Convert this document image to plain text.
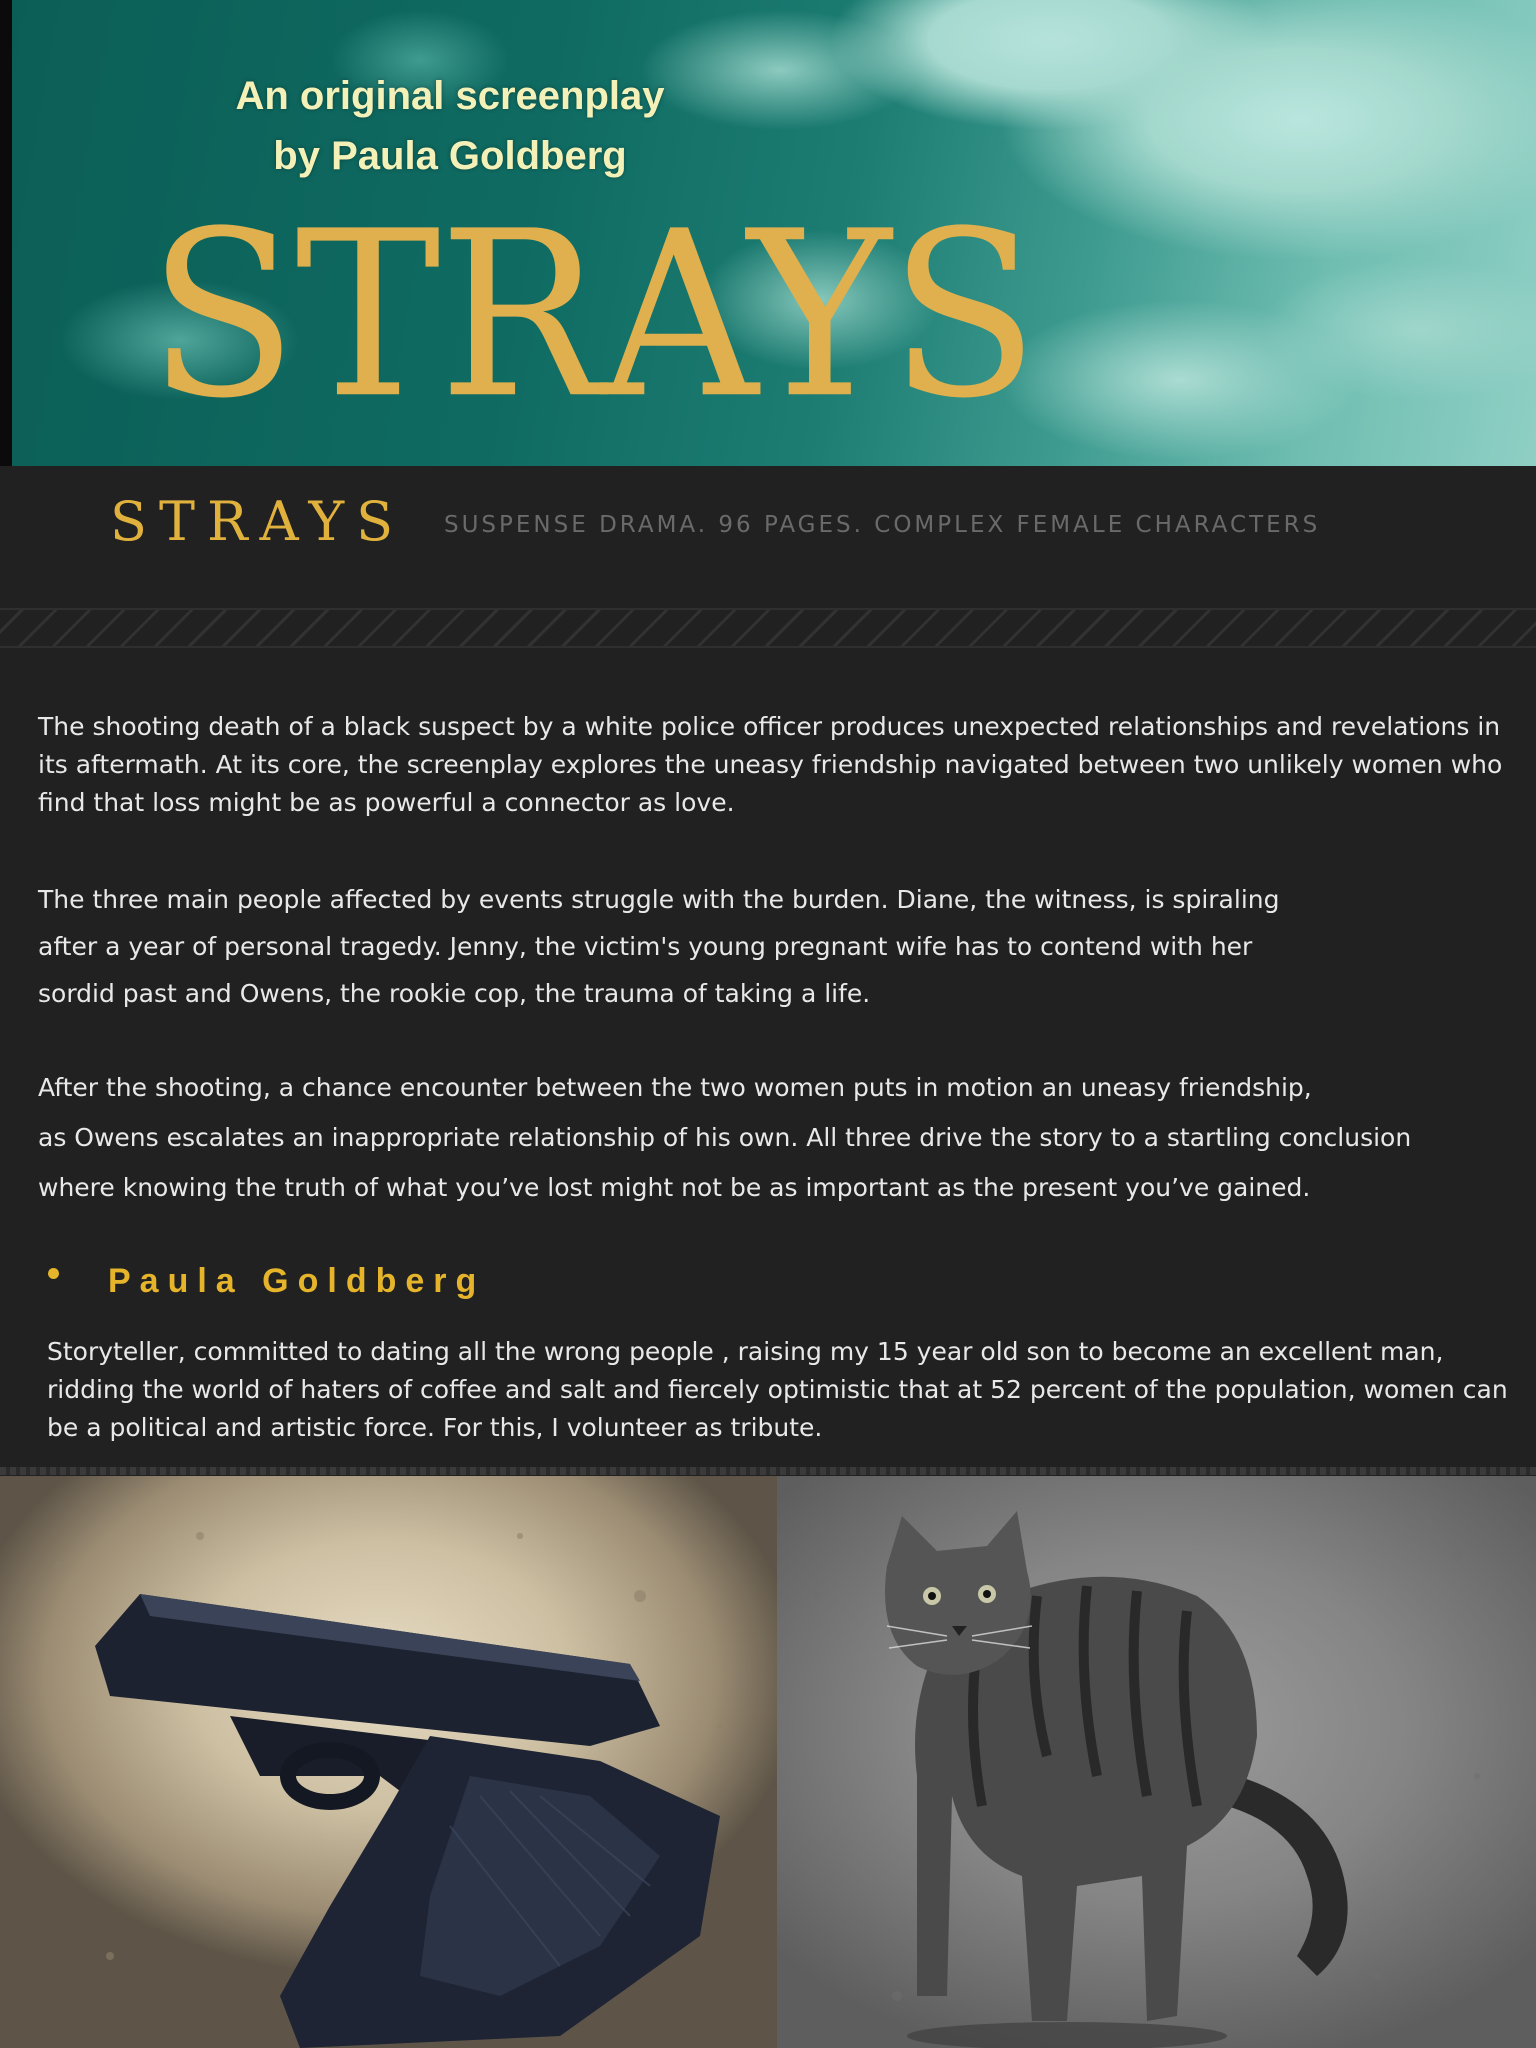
An original screenplay
by Paula Goldberg
STRAYS
STRAYS SUSPENSE DRAMA. 96 PAGES. COMPLEX FEMALE CHARACTERS
The shooting death of a black suspect by a white police officer produces unexpected relationships and revelations in
its aftermath. At its core, the screenplay explores the uneasy friendship navigated between two unlikely women who
find that loss might be as powerful a connector as love.
The three main people affected by events struggle with the burden. Diane, the witness, is spiraling
after a year of personal tragedy. Jenny, the victim's young pregnant wife has to contend with her
sordid past and Owens, the rookie cop, the trauma of taking a life.
After the shooting, a chance encounter between the two women puts in motion an uneasy friendship,
as Owens escalates an inappropriate relationship of his own. All three drive the story to a startling conclusion
where knowing the truth of what you’ve lost might not be as important as the present you’ve gained.
Paula Goldberg
Storyteller, committed to dating all the wrong people , raising my 15 year old son to become an excellent man,
ridding the world of haters of coffee and salt and fiercely optimistic that at 52 percent of the population, women can
be a political and artistic force. For this, I volunteer as tribute.
